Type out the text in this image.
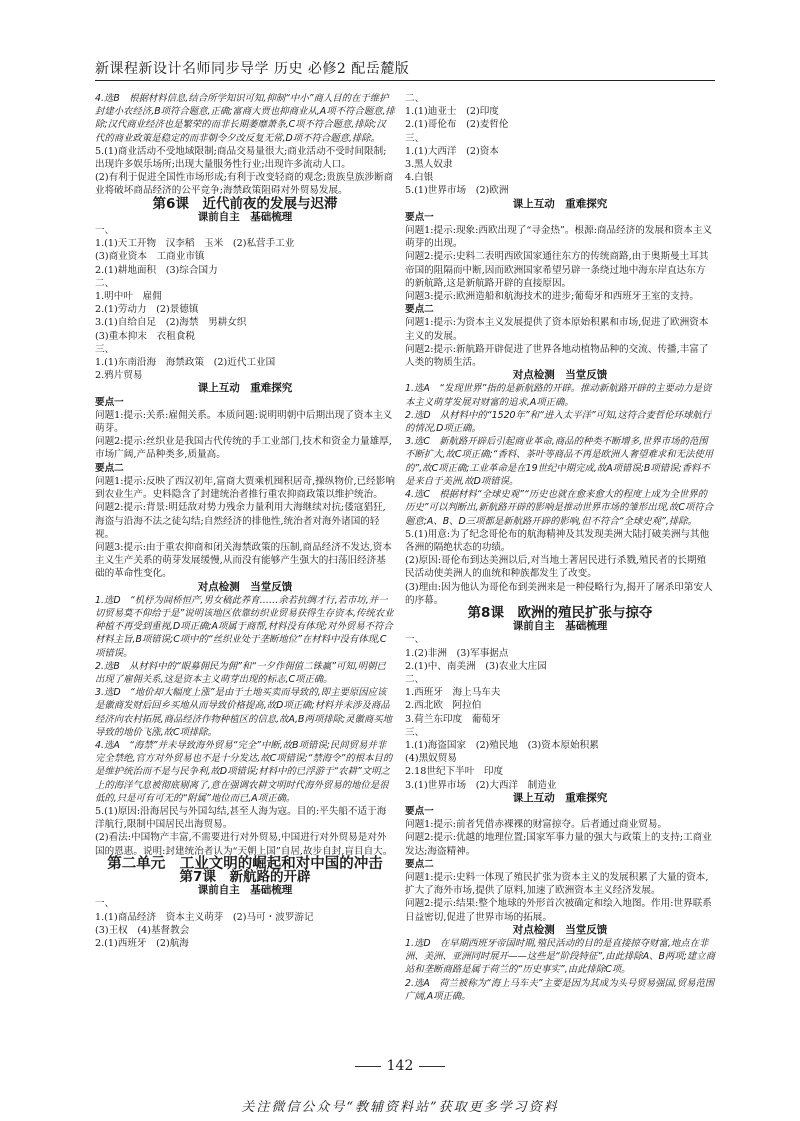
新课程新设计名师同步导学 历史 必修2 配岳麓版

4.选B　根据材料信息,结合所学知识可知,抑制“中小”商人目的在于维护封建小农经济,B项符合题意,正确;富商大贾也抑商业从,A项不符合题意,排除;汉代商业经济也是繁荣的而非长期萎靡萧条,C项不符合题意,排除;汉代的商业政策是稳定的而非朝令夕改反复无常,D项不符合题意,排除。

5.(1)商业活动不受地域限制;商品交易量很大;商业活动不受时间限制;出现许多娱乐场所;出现大量服务性行业;出现许多流动人口。

(2)有利于促进全国性市场形成;有利于改变轻商的观念;贵族皇族涉断商业将破坏商品经济的公平竞争;海禁政策阻碍对外贸易发展。

第6课　近代前夜的发展与迟滞

课前自主　基础梳理

一、

1.(1)天工开物　汉李稻　玉米　(2)私营手工业

(3)商业资本　工商业市镇

2.(1)耕地面积　(3)综合国力

二、

1.明中叶　雇佣

2.(1)劳动力　(2)景德镇

3.(1)自给自足　(2)海禁　男耕女织

(3)重本抑末　衣租食税

三、

1.(1)东南沿海　海禁政策　(2)近代工业国

2.鸦片贸易

课上互动　重难探究

要点一

问题1:提示:关系:雇佣关系。本质问题:说明明朝中后期出现了资本主义萌芽。

问题2:提示:丝织业是我国古代传统的手工业部门,技术和资金力量雄厚,市场广阔,产品种类多,质量高。

要点二

问题1:提示:反映了西汉初年,富商大贾乘机囤积居奇,操纵物价,已经影响到农业生产。史料隐含了封建统治者推行重农抑商政策以维护统治。

问题2:提示:背景:明廷敌对势力残余力量利用大海继续对抗;倭寇猖狂,海盗与沿海不法之徒勾结;自然经济的排他性,统治者对海外诸国的轻视。

问题3:提示:由于重农抑商和闭关海禁政策的压制,商品经济不发达,资本主义生产关系的萌芽发展缓慢,从而没有能够产生强大的扫荡旧经济基础的革命性变化。

对点检测　当堂反馈

1.选D　“机杼为闾桥恒产,男女稿此养育……余若抗绸才行,若市坊,并一切贸易莫不仰给于是”说明该地区依靠纺织业贸易获得生存资本,传统农业种植不再受到重视,D项正确;A项属于商帮,材料没有体现;对外贸易不符合材料主旨,B项错误;C项中的“丝织业处于垄断地位”在材料中没有体现,C项错误。

2.选B　从材料中的“眼募佣民为佣”和“一夕作佣值二铢赢”可知,明朝已出现了雇佣关系,这是资本主义萌芽出现的标志,C项正确。

3.选D　“地价却大幅度上涨”是由于土地买卖而导致的,即主要原因应该是徽商发财后回乡买地从而导致价格提高,故D项正确;材料并未涉及商品经济向农村拓展,商品经济作物种植区的信息,故A,B两项排除;灵徽商买地导致的地价飞涨,故C项排除。

4.选A　“海禁”并未导致海外贸易“完全”中断,故B项错误;民间贸易并非完全禁绝,官方对外贸易也不是十分发达,故C项错误;“禁海令”的根本目的是维护统治而不是与民争利,故D项错误;材料中的已浮游于“农耕”文明之上的海洋气息被彻底剔离了,意在强调农耕文明时代海外贸易的地位是很低的,只是可有可无的“附属”地位而已,A项正确。

5.(1)原因:沿海居民与外国勾结,甚至人海为寇。目的:平失船不适于海洋航行,限制中国居民出海贸易。

(2)看法:中国物产丰富,不需要进行对外贸易,中国进行对外贸易是对外国的恩惠。说明:封建统治者认为“天朝上国”自居,故步自封,盲目自大。

第二单元　工业文明的崛起和对中国的冲击

第7课　新航路的开辟

课前自主　基础梳理

一、

1.(1)商品经济　资本主义萌芽　(2)马可・波罗游记

(3)王权　(4)基督教会

2.(1)西班牙　(2)航海

二、

1.(1)迪亚士　(2)印度

2.(1)哥伦布　(2)麦哲伦

三、

1.(1)大西洋　(2)资本

3.黑人奴隶

4.白银

5.(1)世界市场　(2)欧洲

课上互动　重难探究

要点一

问题1:提示:现象:西欧出现了“寻金热”。根源:商品经济的发展和资本主义萌芽的出现。

问题2:提示:史料二表明西欧国家通往东方的传统商路,由于奥斯曼土耳其帝国的阻隔而中断,因而欧洲国家希望另辟一条绕过地中海东岸直达东方的新航路,这是新航路开辟的直接原因。

问题3:提示:欧洲造船和航海技术的进步;葡萄牙和西班牙王室的支持。

要点二

问题1:提示:为资本主义发展提供了资本原始积累和市场,促进了欧洲资本主义的发展。

问题2:提示:新航路开辟促进了世界各地动植物品种的交流、传播,丰富了人类的物质生活。

对点检测　当堂反馈

1.选A　“发现世界”指的是新航路的开辟。推动新航路开辟的主要动力是资本主义萌芽发展对财富的追求,A项正确。

2.选D　从材料中的“1520年”和“进入太平洋”可知,这符合麦哲伦环球航行的情况,D项正确。

3.选C　新航路开辟后引起商业革命,商品的种类不断增多,世界市场的范围不断扩大,故C项正确;“香料、茶叶等商品不再是欧洲人奢望难求和无法使用的”,故C项正确;工业革命是在19世纪中期完成,故A项错误;B项错误;香料不是来自于美洲,故D项错误。

4.选C　根据材料“全球史观”“历史也就在愈来愈大的程度上成为全世界的历史”可以判断出,新航路开辟的影响是推动世界市场的雏形出现,故C项符合题意;A、B、D三项都是新航路开辟的影响,但不符合“全球史观”,排除。

5.(1)用意:为了纪念哥伦布的航海精神及其发现美洲大陆打破美洲与其他各洲的隔绝状态的功绩。

(2)原因:哥伦布到达美洲以后,对当地土著居民进行杀戮,殖民者的长期殖民活动使美洲人的血统和种族都发生了改变。

(3)理由:因为他认为哥伦布到美洲来是一种侵略行为,揭开了屠杀印第安人的序幕。

第8课　欧洲的殖民扩张与掠夺

课前自主　基础梳理

一、

1.(2)非洲　(3)军事据点

2.(1)中、南美洲　(3)农业大庄园

二、

1.西班牙　海上马车夫

2.西北欧　阿拉伯

3.荷兰东印度　葡萄牙

三、

1.(1)海盗国家　(2)殖民地　(3)资本原始积累

(4)黑奴贸易

2.18世纪下半叶　印度

3.(1)世界市场　(2)大西洋　制造业

课上互动　重难探究

要点一

问题1:提示:前者凭借赤裸裸的财富掠夺。后者通过商业贸易。

问题2:提示:优越的地理位置;国家军事力量的强大与政策上的支持;工商业发达;海盗精神。

要点二

问题1:提示:史料一体现了殖民扩张为资本主义的发展积累了大量的资本,扩大了海外市场,提供了原料,加速了欧洲资本主义经济发展。

问题2:提示:结果:整个地球的外形首次被确定和绘入地图。作用:世界联系日益密切,促进了世界市场的拓展。

对点检测　当堂反馈

1.选D　在早期西班牙帝国时期,殖民活动的目的是直接掠夺财富,地点在非洲、美洲、亚洲同时展开——这些是“阶段特征”,由此排除A、B两项;建立商站和垄断商路是属于荷兰的“历史事实”,由此排除C项。

2.选A　荷兰被称为“海上马车夫”主要是因为其成为头号贸易强国,贸易范围广阔,A项正确。

142
关注微信公众号“教辅资料站”获取更多学习资料
